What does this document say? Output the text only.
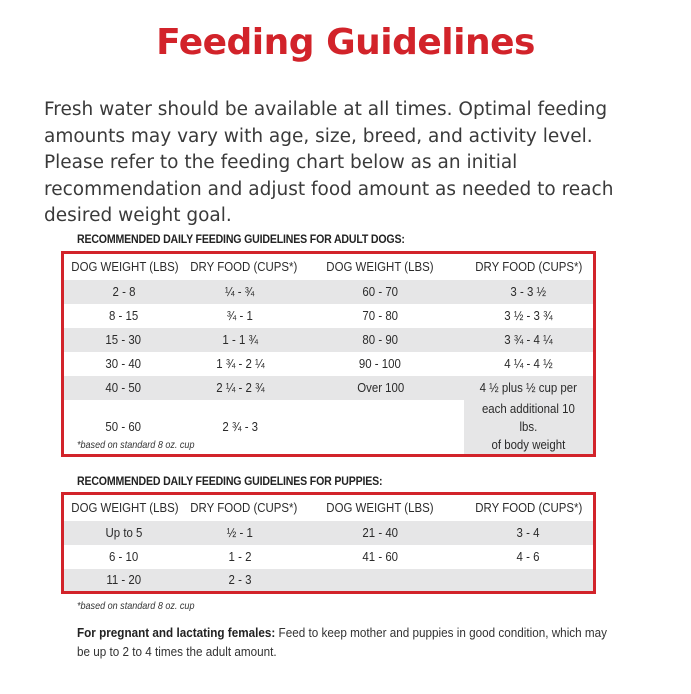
Feeding Guidelines
Fresh water should be available at all times. Optimal feeding amounts may vary with age, size, breed, and activity level. Please refer to the feeding chart below as an initial recommendation and adjust food amount as needed to reach desired weight goal.
RECOMMENDED DAILY FEEDING GUIDELINES FOR ADULT DOGS:
DOG WEIGHT (LBS)	DRY FOOD (CUPS*)	DOG WEIGHT (LBS)	DRY FOOD (CUPS*)
2 - 8	¼ - ¾	60 - 70	3 - 3 ½
8 - 15	¾ - 1	70 - 80	3 ½ - 3 ¾
15 - 30	1 - 1 ¾	80 - 90	3 ¾ - 4 ¼
30 - 40	1 ¾ - 2 ¼	90 - 100	4 ¼ - 4 ½
40 - 50	2 ¼ - 2 ¾	Over 100	4 ½ plus ½ cup per
50 - 60	2 ¾ - 3		each additional 10 lbs.
of body weight
*based on standard 8 oz. cup
RECOMMENDED DAILY FEEDING GUIDELINES FOR PUPPIES:
DOG WEIGHT (LBS)	DRY FOOD (CUPS*)	DOG WEIGHT (LBS)	DRY FOOD (CUPS*)
Up to 5	½ - 1	21 - 40	3 - 4
6 - 10	1 - 2	41 - 60	4 - 6
11 - 20	2 - 3		
*based on standard 8 oz. cup
For pregnant and lactating females: Feed to keep mother and puppies in good condition, which may be up to 2 to 4 times the adult amount.
